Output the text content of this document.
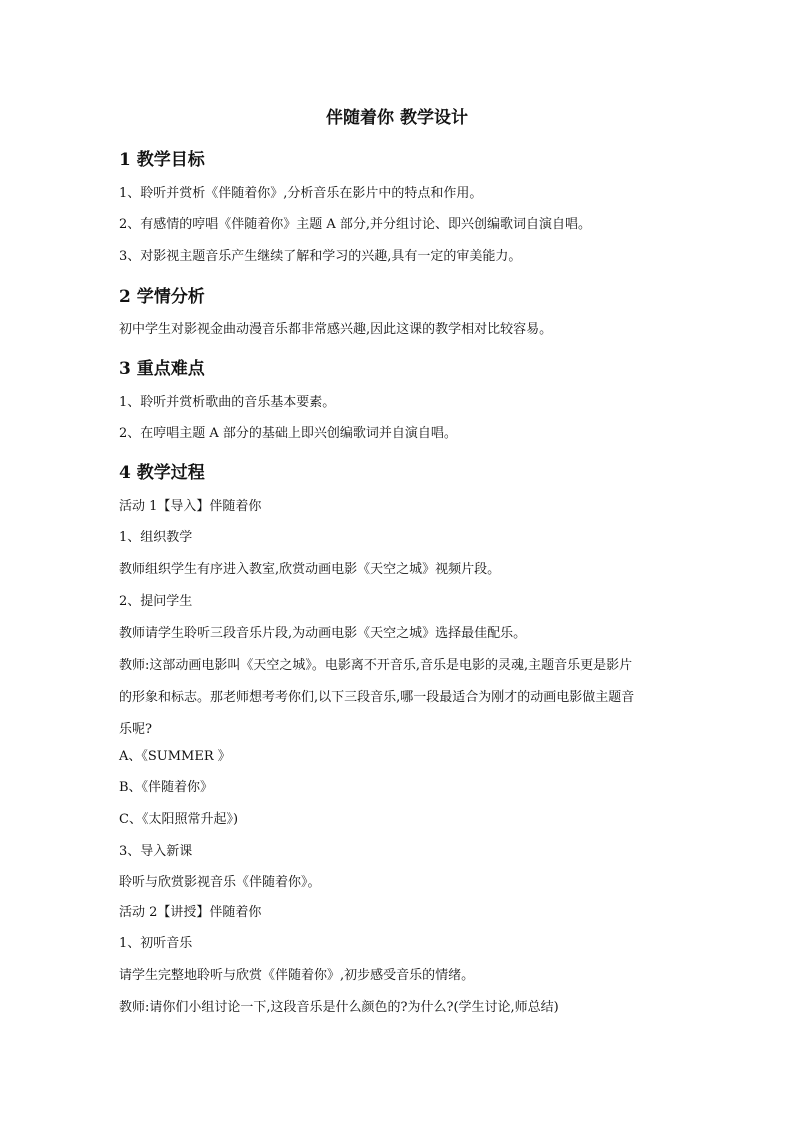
伴随着你 教学设计
1 教学目标
1、聆听并赏析《伴随着你》,分析音乐在影片中的特点和作用。
2、有感情的哼唱《伴随着你》主题 A 部分,并分组讨论、即兴创编歌词自演自唱。
3、对影视主题音乐产生继续了解和学习的兴趣,具有一定的审美能力。
2 学情分析
初中学生对影视金曲动漫音乐都非常感兴趣,因此这课的教学相对比较容易。
3 重点难点
1、聆听并赏析歌曲的音乐基本要素。
2、在哼唱主题 A 部分的基础上即兴创编歌词并自演自唱。
4 教学过程
活动 1【导入】伴随着你
1、组织教学
教师组织学生有序进入教室,欣赏动画电影《天空之城》视频片段。
2、提问学生
教师请学生聆听三段音乐片段,为动画电影《天空之城》选择最佳配乐。
教师:这部动画电影叫《天空之城》。电影离不开音乐,音乐是电影的灵魂,主题音乐更是影片
的形象和标志。那老师想考考你们,以下三段音乐,哪一段最适合为刚才的动画电影做主题音
乐呢?
A、《SUMMER 》
B、《伴随着你》
C、《太阳照常升起》)
3、导入新课
聆听与欣赏影视音乐《伴随着你》。
活动 2【讲授】伴随着你
1、初听音乐
请学生完整地聆听与欣赏《伴随着你》,初步感受音乐的情绪。
教师:请你们小组讨论一下,这段音乐是什么颜色的?为什么?(学生讨论,师总结)
